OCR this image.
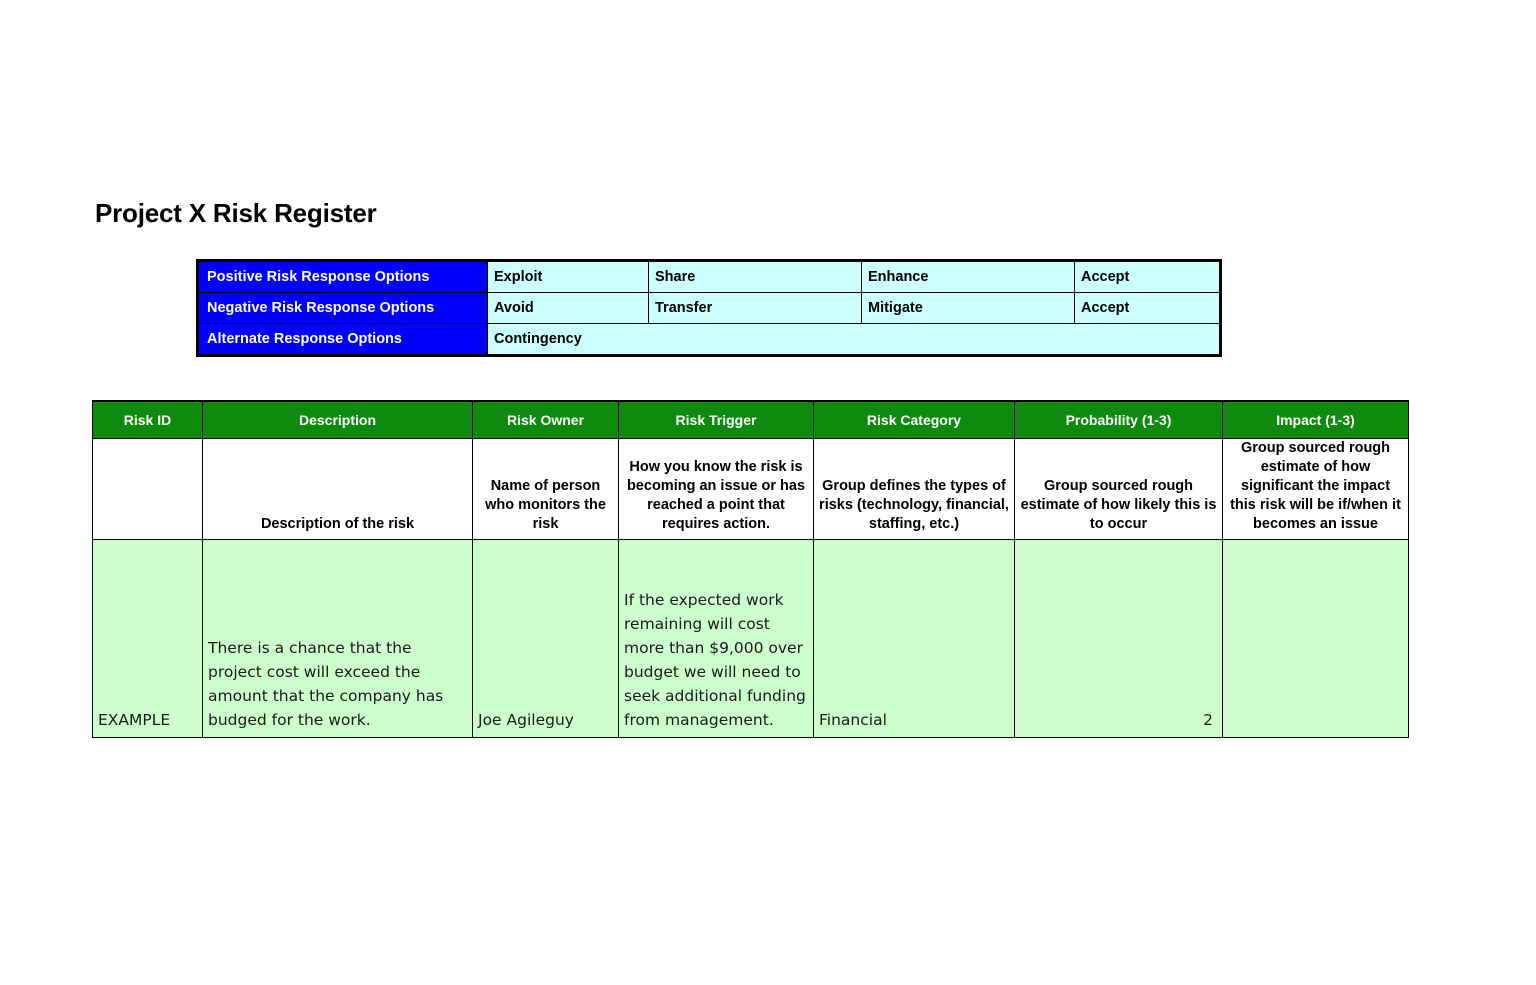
Project X Risk Register
Positive Risk Response Options	Exploit	Share	Enhance	Accept
Negative Risk Response Options	Avoid	Transfer	Mitigate	Accept
Alternate Response Options	Contingency			
Risk ID	Description	Risk Owner	Risk Trigger	Risk Category	Probability (1-3)	Impact (1-3)
	Description of the risk	Name of person who monitors the risk	How you know the risk is becoming an issue or has reached a point that requires action.	Group defines the types of risks (technology, financial, staffing, etc.)	Group sourced rough estimate of how likely this is to occur	Group sourced rough estimate of how significant the impact this risk will be if/when it becomes an issue
EXAMPLE	There is a chance that the project cost will exceed the amount that the company has budged for the work.	Joe Agileguy	If the expected work remaining will cost more than $9,000 over budget we will need to seek additional funding from management.	Financial	2	
